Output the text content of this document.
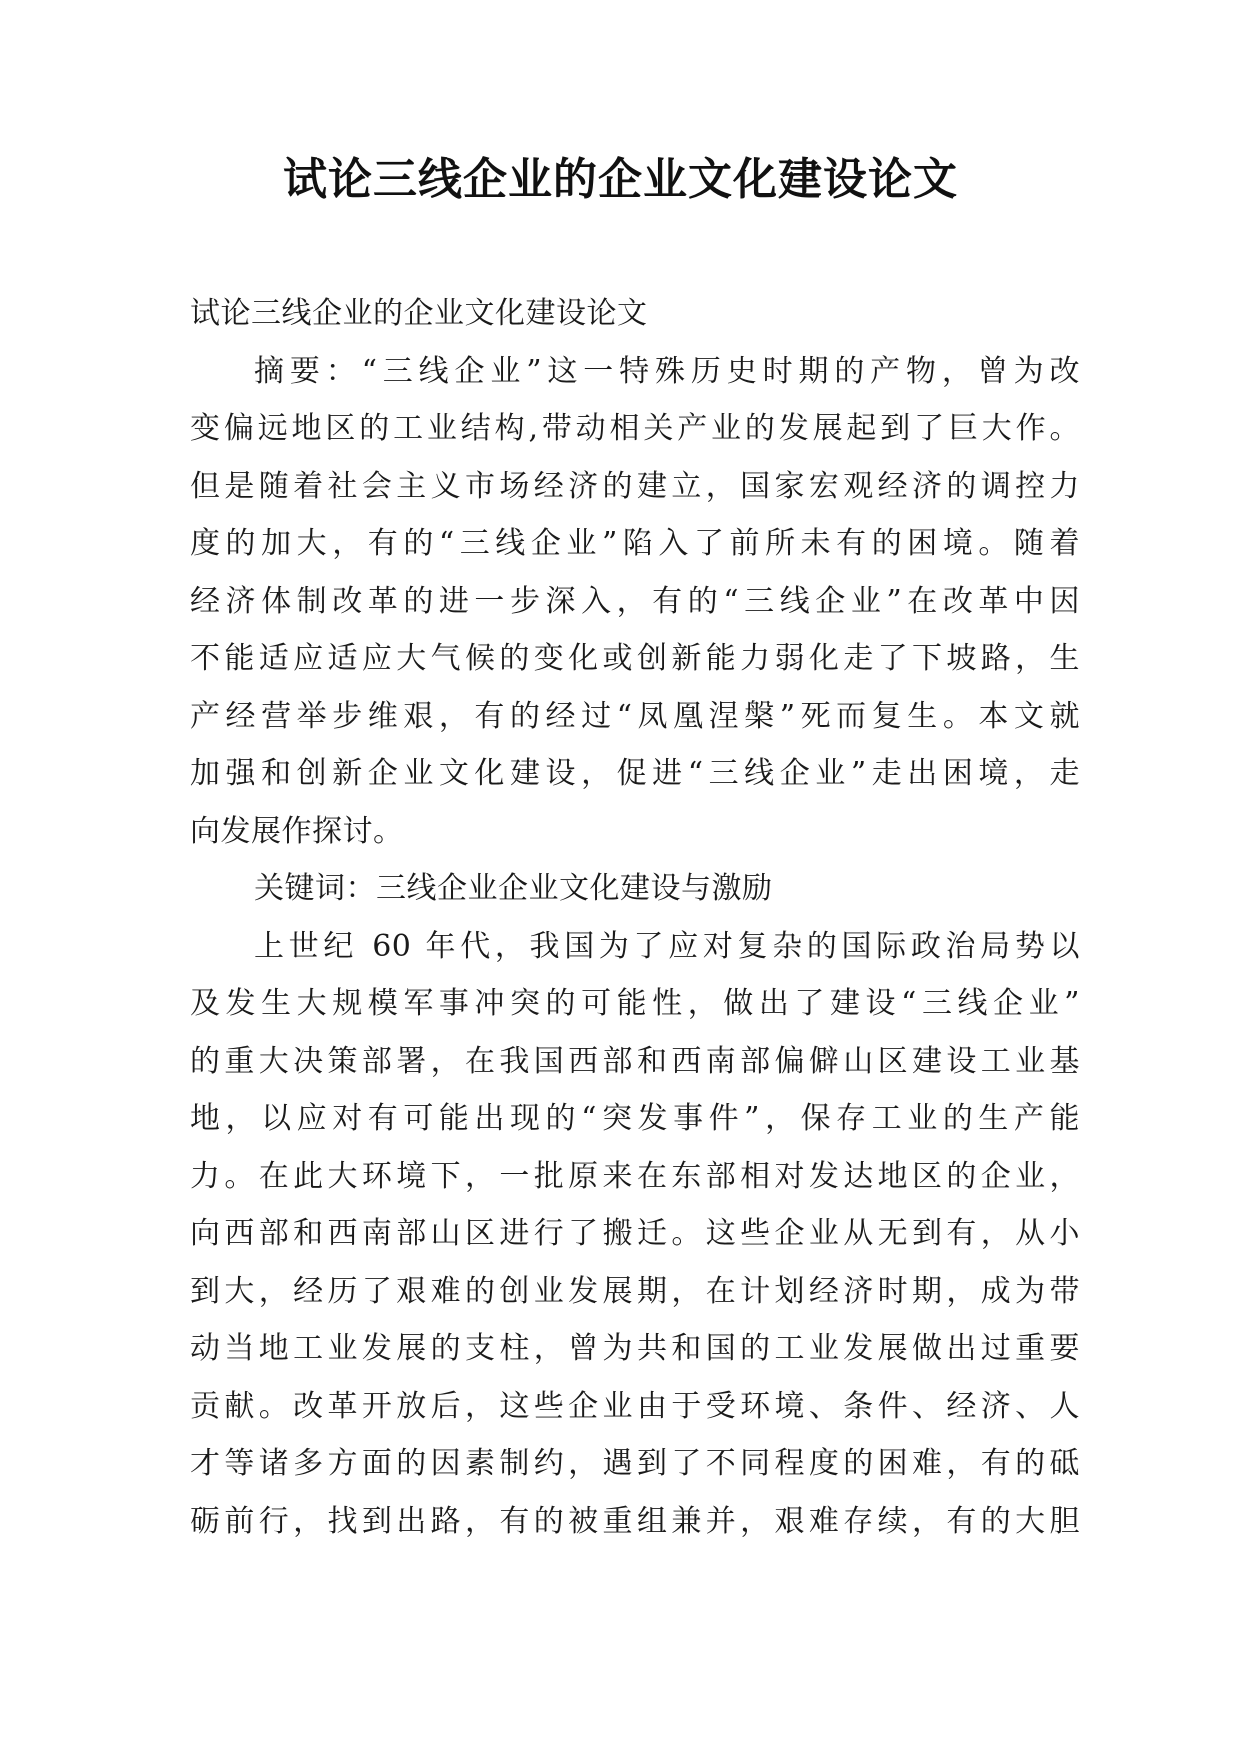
试论三线企业的企业文化建设论文
试论三线企业的企业文化建设论文
摘要：“三线企业”这一特殊历史时期的产物，曾为改
变偏远地区的工业结构,带动相关产业的发展起到了巨大作。
但是随着社会主义市场经济的建立，国家宏观经济的调控力
度的加大，有的“三线企业”陷入了前所未有的困境。随着
经济体制改革的进一步深入，有的“三线企业”在改革中因
不能适应适应大气候的变化或创新能力弱化走了下坡路，生
产经营举步维艰，有的经过“凤凰涅槃”死而复生。本文就
加强和创新企业文化建设，促进“三线企业”走出困境，走
向发展作探讨。
关键词：三线企业企业文化建设与激励
上世纪 60 年代，我国为了应对复杂的国际政治局势以
及发生大规模军事冲突的可能性，做出了建设“三线企业”
的重大决策部署，在我国西部和西南部偏僻山区建设工业基
地，以应对有可能出现的“突发事件”，保存工业的生产能
力。在此大环境下，一批原来在东部相对发达地区的企业，
向西部和西南部山区进行了搬迁。这些企业从无到有，从小
到大，经历了艰难的创业发展期，在计划经济时期，成为带
动当地工业发展的支柱，曾为共和国的工业发展做出过重要
贡献。改革开放后，这些企业由于受环境、条件、经济、人
才等诸多方面的因素制约，遇到了不同程度的困难，有的砥
砺前行，找到出路，有的被重组兼并，艰难存续，有的大胆
